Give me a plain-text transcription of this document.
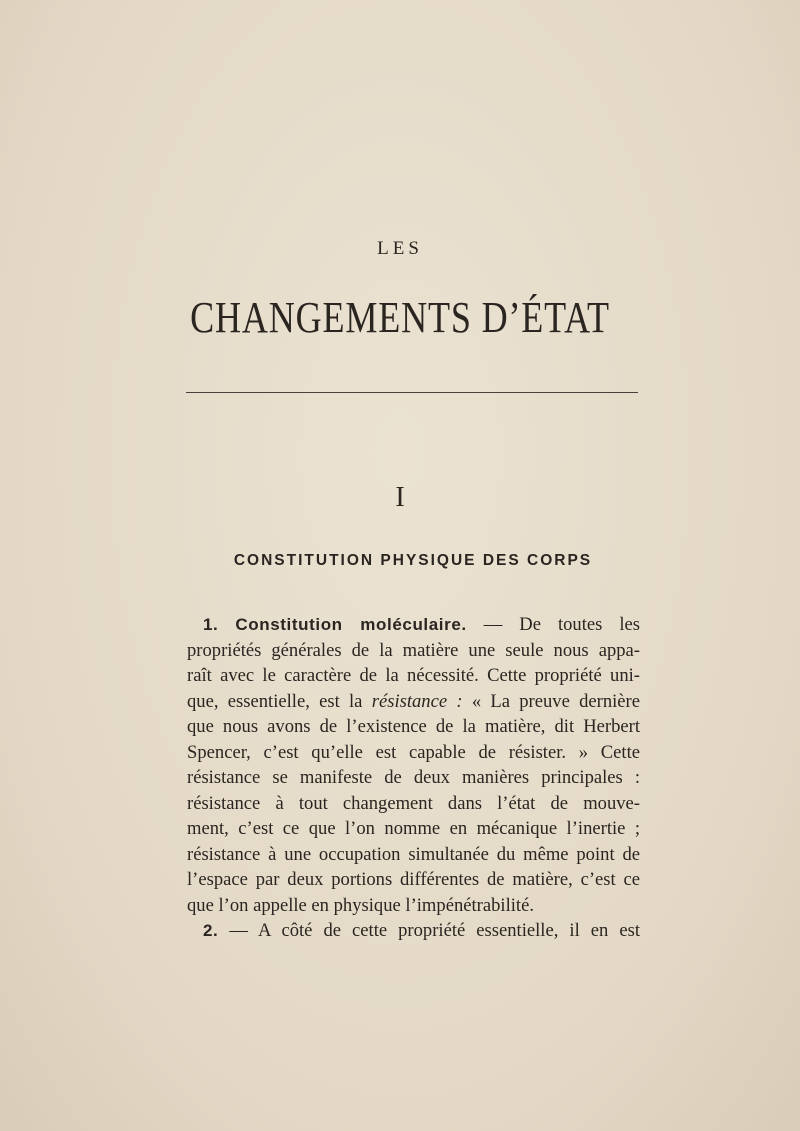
LES
CHANGEMENTS D’ÉTAT
I
CONSTITUTION PHYSIQUE DES CORPS
1. Constitution moléculaire. — De toutes les
propriétés générales de la matière une seule nous appa-
raît avec le caractère de la nécessité. Cette propriété uni-
que, essentielle, est la résistance : « La preuve dernière
que nous avons de l’existence de la matière, dit Herbert
Spencer, c’est qu’elle est capable de résister. » Cette
résistance se manifeste de deux manières principales :
résistance à tout changement dans l’état de mouve-
ment, c’est ce que l’on nomme en mécanique l’inertie ;
résistance à une occupation simultanée du même point de
l’espace par deux portions différentes de matière, c’est ce
que l’on appelle en physique l’impénétrabilité.
2. — A côté de cette propriété essentielle, il en est
